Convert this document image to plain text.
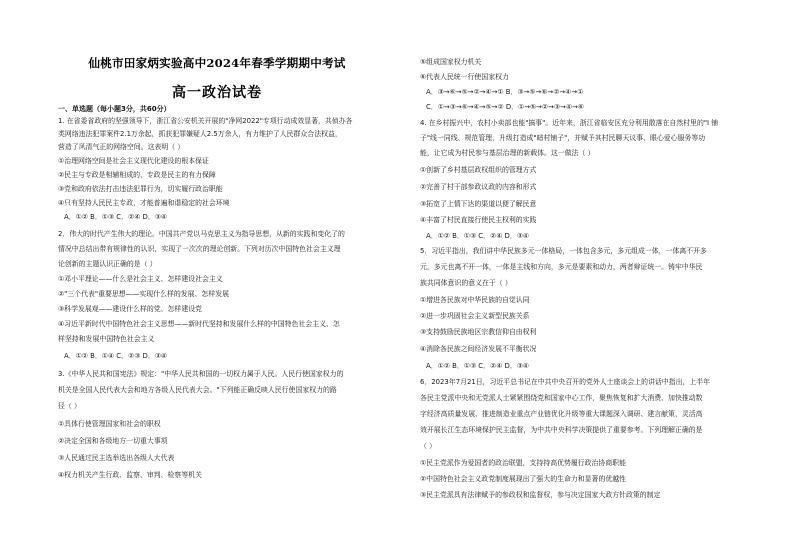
仙桃市田家炳实验高中2024年春季学期期中考试
高一政治试卷
一、单选题（每小题3分，共60分）
1. 在省委省政府的坚强领导下，浙江省公安机关开展的"净网2022"专项行动成效显著，共侦办各
类网络违法犯罪案件2.1万余起，抓获犯罪嫌疑人2.5万余人，有力维护了人民群众合法权益，
营造了风清气正的网络空间。这表明（ ）
①治理网络空间是社会主义现代化建设的根本保证
②民主与专政是相辅相成的，专政是民主的有力保障
③党和政府依法打击违法犯罪行为，切实履行政治职能
④只有坚持人民民主专政，才能普遍和谐稳定的社会环境
A．①② B．①③ C．②④ D．③④
2．伟大的时代产生伟大的理论。中国共产党以马克思主义为指导思想，从新的实践和变化了的
情况中总结出带有规律性的认识，实现了一次次的理论创新。下列对历次中国特色社会主义理
论创新的主题认识正确的是（ ）
①邓小平理论——什么是社会主义、怎样建设社会主义
②"三个代表"重要思想——实现什么样的发展、怎样发展
③科学发展观——建设什么样的党、怎样建设党
④习近平新时代中国特色社会主义思想——新时代坚持和发展什么样的中国特色社会主义、怎
样坚持和发展中国特色社会主义
A．①② B．①④ C．②③ D．③④
3.《中华人民共和国宪法》规定："中华人民共和国的一切权力属于人民。人民行使国家权力的
机关是全国人民代表大会和地方各级人民代表大会。"下列能正确反映人民行使国家权力的路
径（ ）
①具体行使管理国家和社会的职权
②决定全国和各级地方一切重大事项
③人民通过民主选举选出各级人大代表
④权力机关产生行政、监察、审判、检察等机关
⑤组成国家权力机关
⑥代表人民统一行使国家权力
A．③→⑥→⑤→②→④→① B．③→⑤→⑥→②→④→①
C．①→③→⑥→④→⑤→② D．①→⑤→②→③→④→⑥
4. 在乡村振兴中，农村小卖部也能"搞事"。近年来，浙江省临安区充分利用散落在自然村里的"I 铺
子"线一同线、规范管理，升级打造成"暗村铺子"，并赋予其村民聊天议事、眼心爱心服务等功
能，让它成为村民参与基层治理的新载体。这一做法（ ）
①创新了乡村基层政权组织的管理方式
②完善了村干部参政议政的内容和形式
③拓宽了上情下达的渠道以便了解民意
④丰富了村民直接行使民主权利的实践
A．①② B．①③ C．②④ D．③④
5．习近平指出，我们讲中华民族多元一体格局，一体包含多元，多元组成一体，一体离不开多
元，多元也离不开一体，一体是主线和方向，多元是要素和动力，两者辩证统一。铸牢中华民
族共同体意识的意义在于（ ）
①增进各民族对中华民族的自觉认同
②进一步巩固社会主义新型民族关系
③支持鼓励民族地区宗教信仰自由权利
④消除各民族之间经济发展不平衡状况
A．①② B．①③ C．②④ D．③④
6．2023年7月21日，习近平总书记在中共中央召开的党外人士座谈会上的讲话中指出，上半年
各民主党派中央和无党派人士紧紧围绕党和国家中心工作，聚焦恢复和扩大消费、加快推动数
字经济高质量发展、推进制造业重点产业链优化升级等重大课题深入调研、建言献策，灵活高
效开展长江生态环境保护民主监督，为中共中央科学决策提供了重要参考。下列理解正确的是
（ ）
①民主党派作为爱国者的政治联盟，支持持高优势履行政治协商职能
②中国特色社会主义政党制度展现出了强大的生命力和显著的优越性
③民主党派具有法律赋予的参政权和监督权，参与决定国家大政方针政策的制定
